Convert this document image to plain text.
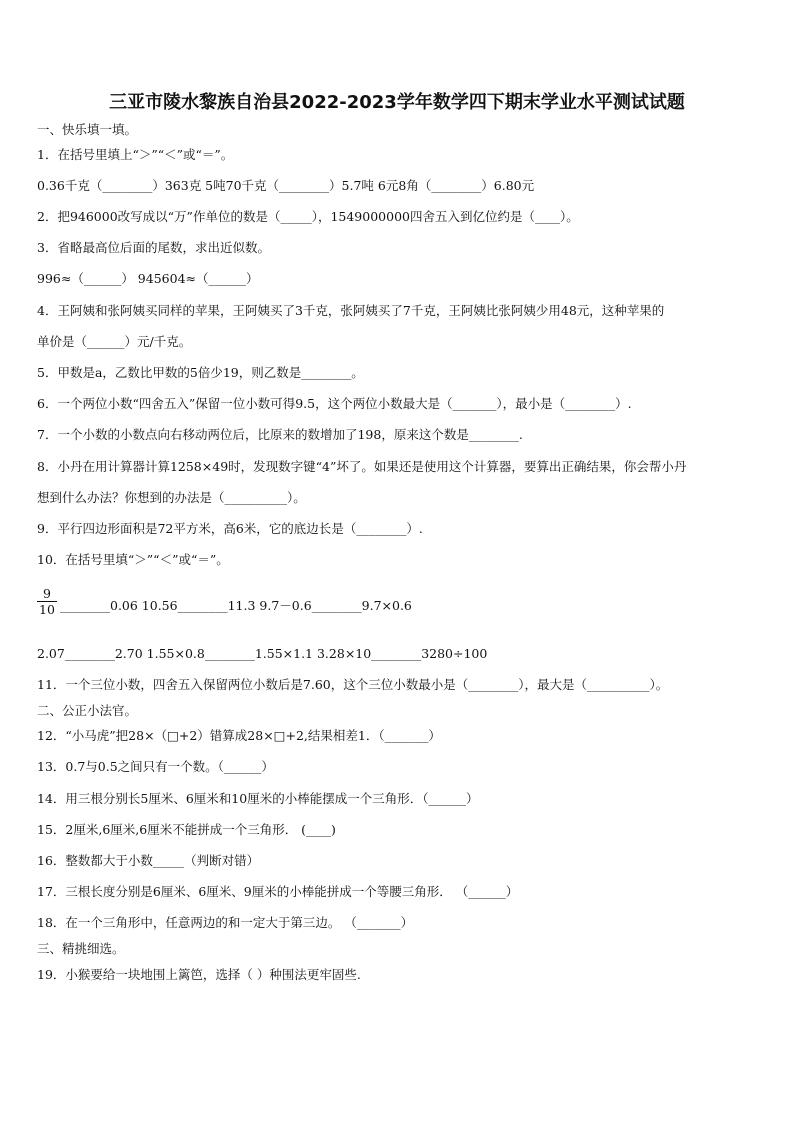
三亚市陵水黎族自治县2022-2023学年数学四下期末学业水平测试试题
一、快乐填一填。
1．在括号里填上“＞”“＜”或“＝”。
0.36千克（________）363克 5吨70千克（________）5.7吨 6元8角（________）6.80元
2．把946000改写成以“万”作单位的数是（_____），1549000000四舍五入到亿位约是（____）。
3．省略最高位后面的尾数，求出近似数。
996≈（______） 945604≈（______）
4．王阿姨和张阿姨买同样的苹果，王阿姨买了3千克，张阿姨买了7千克，王阿姨比张阿姨少用48元，这种苹果的
单价是（______）元/千克。
5．甲数是a，乙数比甲数的5倍少19，则乙数是________。
6．一个两位小数“四舍五入”保留一位小数可得9.5，这个两位小数最大是（_______），最小是（________）.
7．一个小数的小数点向右移动两位后，比原来的数增加了198，原来这个数是________.
8．小丹在用计算器计算1258×49时，发现数字键“4”坏了。如果还是使用这个计算器，要算出正确结果，你会帮小丹
想到什么办法？你想到的办法是（__________）。
9．平行四边形面积是72平方米，高6米，它的底边长是（________）.
10．在括号里填“＞”“＜”或“＝”。
$\frac{9}{10}$ ________0.06 10.56________11.3 9.7－0.6________9.7×0.6
2.07________2.70 1.55×0.8________1.55×1.1 3.28×10________3280÷100
11．一个三位小数，四舍五入保留两位小数后是7.60，这个三位小数最小是（________），最大是（__________）。
二、公正小法官。
12．“小马虎”把28×（□+2）错算成28×□+2,结果相差1．（_______）
13．0.7与0.5之间只有一个数。（______）
14．用三根分别长5厘米、6厘米和10厘米的小棒能摆成一个三角形．（______）
15．2厘米,6厘米,6厘米不能拼成一个三角形． (____)
16．整数都大于小数_____（判断对错）
17．三根长度分别是6厘米、6厘米、9厘米的小棒能拼成一个等腰三角形． （______）
18．在一个三角形中，任意两边的和一定大于第三边。 （_______）
三、精挑细选。
19．小猴要给一块地围上篱笆，选择（ ）种围法更牢固些.
